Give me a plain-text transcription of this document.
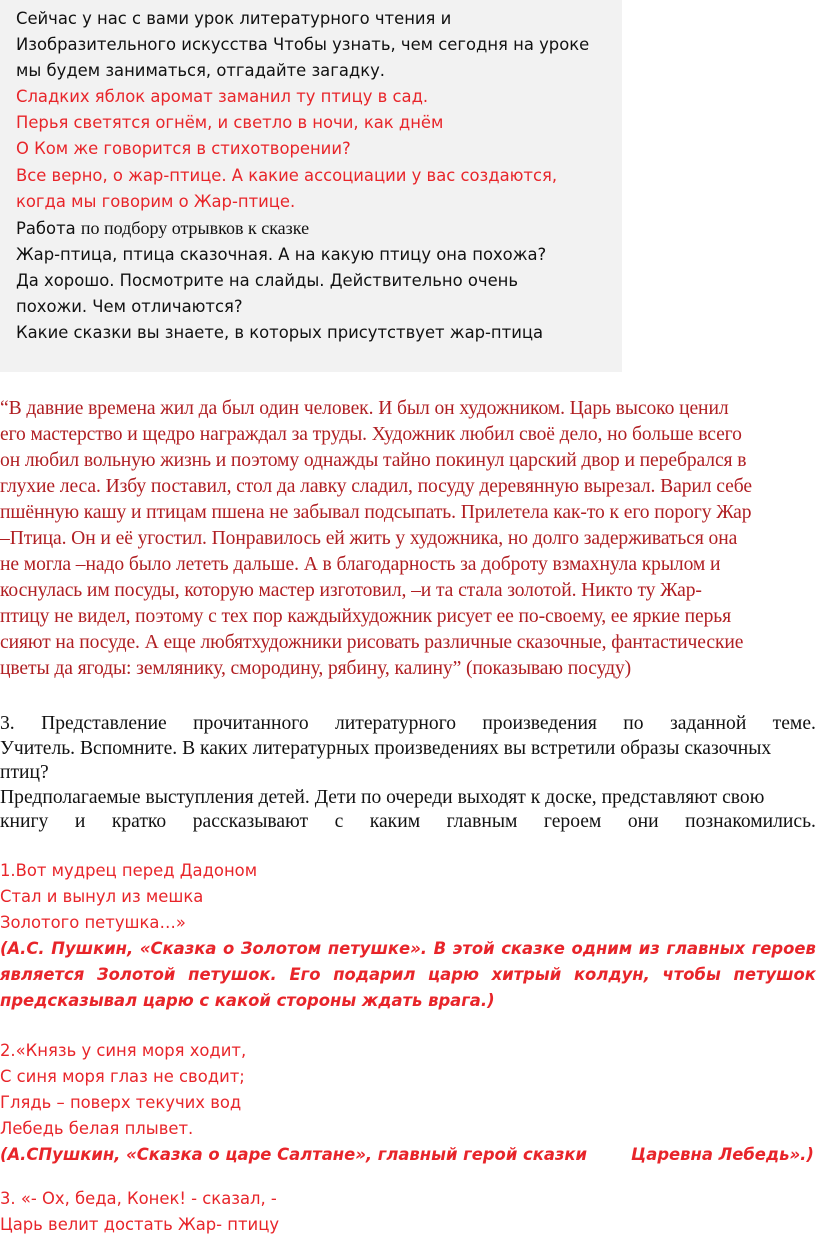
Сейчас у нас с вами урок литературного чтения и
Изобразительного искусства Чтобы узнать, чем сегодня на уроке
мы будем заниматься, отгадайте загадку.
Сладких яблок аромат заманил ту птицу в сад.
Перья светятся огнём, и светло в ночи, как днём
О Ком же говорится в стихотворении?
Все верно, о жар-птице. А какие ассоциации у вас создаются,
когда мы говорим о Жар-птице.
Работа по подбору отрывков к сказке
Жар-птица, птица сказочная. А на какую птицу она похожа?
Да хорошо. Посмотрите на слайды. Действительно очень
похожи. Чем отличаются?
Какие сказки вы знаете, в которых присутствует жар-птица
“В давние времена жил да был один человек. И был он художником. Царь высоко ценил
его мастерство и щедро награждал за труды. Художник любил своё дело, но больше всего
он любил вольную жизнь и поэтому однажды тайно покинул царский двор и перебрался в
глухие леса. Избу поставил, стол да лавку сладил, посуду деревянную вырезал. Варил себе
пшённую кашу и птицам пшена не забывал подсыпать. Прилетела как-то к его порогу Жар
–Птица. Он и её угостил. Понравилось ей жить у художника, но долго задерживаться она
не могла –надо было лететь дальше. А в благодарность за доброту взмахнула крылом и
коснулась им посуды, которую мастер изготовил, –и та стала золотой. Никто ту Жар-
птицу не видел, поэтому с тех пор каждыйхудожник рисует ее по-своему, ее яркие перья
сияют на посуде. А еще любятхудожники рисовать различные сказочные, фантастические
цветы да ягоды: землянику, смородину, рябину, калину” (показываю посуду)
3. Представление прочитанного литературного произведения по заданной теме.
Учитель. Вспомните. В каких литературных произведениях вы встретили образы сказочных
птиц?
Предполагаемые выступления детей. Дети по очереди выходят к доске, представляют свою
книгу и кратко рассказывают с каким главным героем они познакомились.
1.Вот мудрец перед Дадоном
Стал и вынул из мешка
Золотого петушка…»
(А.С. Пушкин, «Сказка о Золотом петушке». В этой сказке одним из главных героев
является Золотой петушок. Его подарил царю хитрый колдун, чтобы петушок
предсказывал царю с какой стороны ждать врага.)
2.«Князь у синя моря ходит,
С синя моря глаз не сводит;
Глядь – поверх текучих вод
Лебедь белая плывет.
(А.СПушкин, «Сказка о царе Салтане», главный герой сказки	Царевна Лебедь».)
3. «- Ох, беда, Конек! - сказал, -
Царь велит достать Жар- птицу
